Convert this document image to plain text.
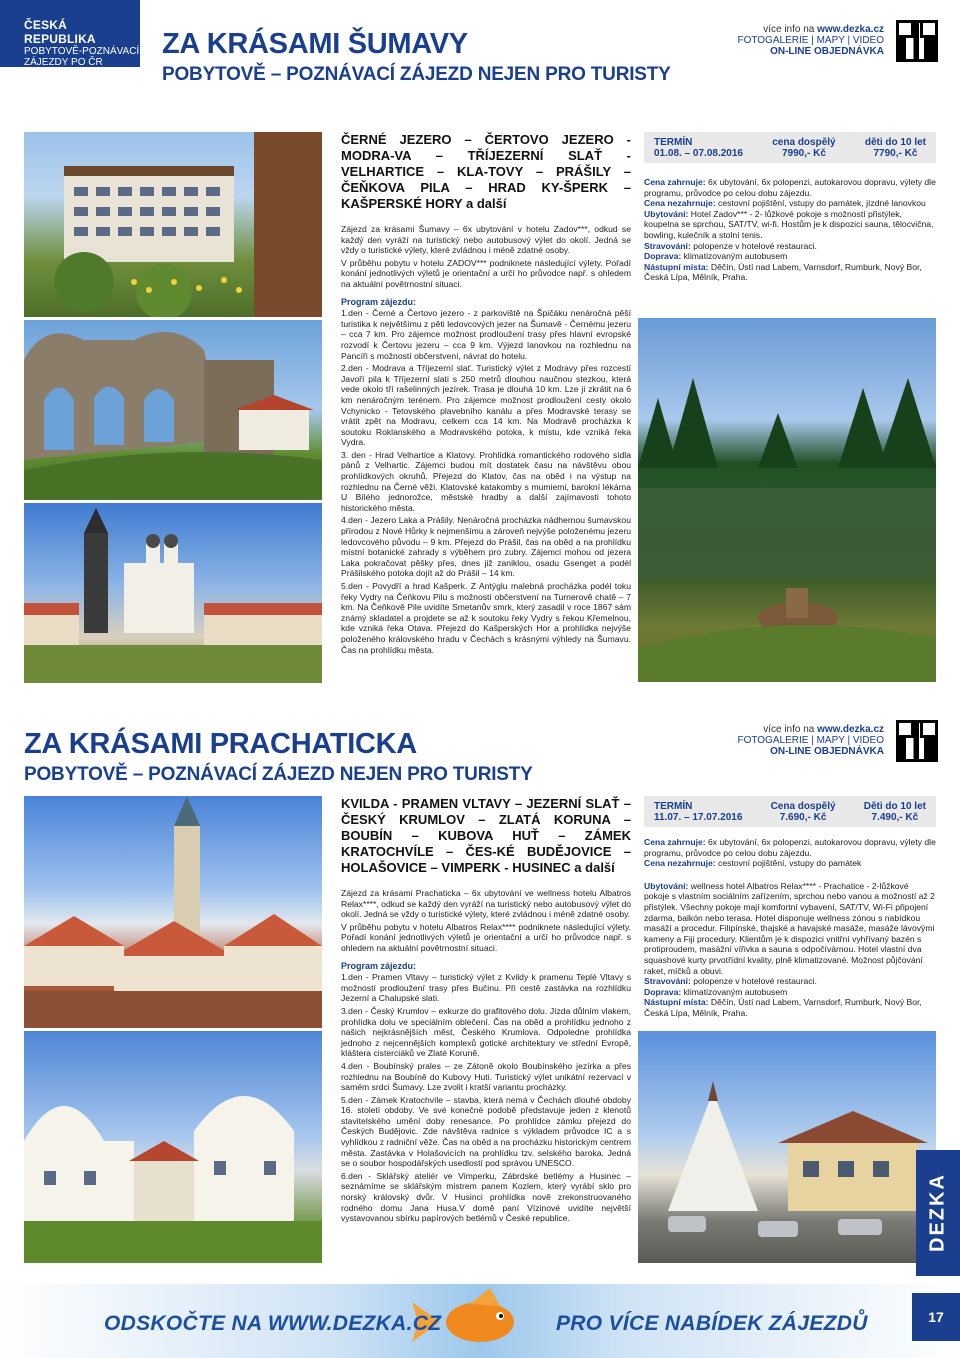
ČESKÁ REPUBLIKA
POBYTOVĚ-POZNÁVACÍ
ZÁJEZDY PO ČR
ZA KRÁSAMI ŠUMAVY
POBYTOVĚ – POZNÁVACÍ ZÁJEZD NEJEN PRO TURISTY
více info na www.dezka.cz
FOTOGALERIE | MAPY | VIDEO
ON-LINE OBJEDNÁVKA
ČERNÉ JEZERO – ČERTOVO JEZERO - MODRA-VA – TŘÍJEZERNÍ SLAŤ - VELHARTICE – KLA-TOVY – PRÁŠILY – ČEŇKOVA PILA – HRAD KY-ŠPERK – KAŠPERSKÉ HORY a další

Zájezd za krásami Šumavy – 6x ubytování v hotelu Zadov***, odkud se každý den vyráží na turistický nebo autobusový výlet do okolí. Jedná se vždy o turistické výlety, které zvládnou i méně zdatné osoby.

V průběhu pobytu v hotelu ZADOV*** podniknete následující výlety. Pořadí konání jednotlivých výletů je orientační a určí ho průvodce např. s ohledem na aktuální povětrnostní situaci.

Program zájezdu:

1.den - Černé a Čertovo jezero - z parkoviště na Špičáku nenáročná pěší turistika k největšímu z pěti ledovcových jezer na Šumavě - Černému jezeru – cca 7 km. Pro zájemce možnost prodloužení trasy přes hlavní evropské rozvodí k Čertovu jezeru – cca 9 km. Výjezd lanovkou na rozhlednu na Pancíři s možností občerstvení, návrat do hotelu.

2.den - Modrava a Tříjezerní slať. Turistický výlet z Modravy přes rozcestí Javoří pila k Tříjezerní slati s 250 metrů dlouhou naučnou stezkou, která vede okolo tří rašelinných jezírek. Trasa je dlouhá 10 km. Lze ji zkrátit na 6 km nenáročným terénem. Pro zájemce možnost prodloužení cesty okolo Vchynicko - Tetovského plavebního kanálu a přes Modravské terasy se vrátit zpět na Modravu, celkem cca 14 km. Na Modravě procházka k soutoku Roklanského a Modravského potoka, k místu, kde vzniká řeka Vydra.

3. den - Hrad Velhartice a Klatovy. Prohlídka romantického rodového sídla pánů z Velhartic. Zájemci budou mít dostatek času na návštěvu obou prohlídkových okruhů. Přejezd do Klatov, čas na oběd i na výstup na rozhlednu na Černé věži. Klatovské katakomby s mumiemi, barokní lékárna U Bílého jednorožce, městské hradby a další zajímavosti tohoto historického města.

4.den - Jezero Laka a Prášily. Nenáročná procházka nádhernou šumavskou přírodou z Nové Hůrky k nejmenšímu a zároveň nejvýše položenému jezeru ledovcového původu – 9 km. Přejezd do Prášil, čas na oběd a na prohlídku místní botanické zahrady s výběhem pro zubry. Zájemci mohou od jezera Laka pokračovat pěšky přes, dnes již zaniklou, osadu Gsenget a podél Prášilského potoka dojít až do Prášil – 14 km.

5.den - Povydří a hrad Kašperk. Z Antýglu malebná procházka podél toku řeky Vydry na Čeňkovu Pilu s možností občerstvení na Turnerově chatě – 7 km. Na Čeňkově Pile uvidíte Smetanův smrk, který zasadil v roce 1867 sám známý skladatel a projdete se až k soutoku řeky Vydry s řekou Křemelnou, kde vzniká řeka Otava. Přejezd do Kašperských Hor a prohlídka nejvýše položeného královského hradu v Čechách s krásnými výhledy na Šumavu. Čas na prohlídku města.

TERMÍN
01.08. – 07.08.2016
cena dospělý
7990,- Kč
děti do 10 let
7790,- Kč
Cena zahrnuje: 6x ubytování, 6x polopenzi, autokarovou dopravu, výlety dle programu, průvodce po celou dobu zájezdu.
Cena nezahrnuje: cestovní pojištění, vstupy do památek, jízdné lanovkou
Ubytování: Hotel Zadov*** - 2- lůžkové pokoje s možností přistýlek, koupelna se sprchou, SAT/TV, wi-fi. Hostům je k dispozici sauna, tělocvična, bowling, kulečník a stolní tenis.
Stravování: polopenze v hotelové restauraci.
Doprava: klimatizovaným autobusem
Nástupní místa: Děčín, Ústí nad Labem, Varnsdorf, Rumburk, Nový Bor, Česká Lípa, Mělník, Praha.
ZA KRÁSAMI PRACHATICKA
POBYTOVĚ – POZNÁVACÍ ZÁJEZD NEJEN PRO TURISTY
více info na www.dezka.cz
FOTOGALERIE | MAPY | VIDEO
ON-LINE OBJEDNÁVKA
KVILDA - PRAMEN VLTAVY – JEZERNÍ SLAŤ – ČESKÝ KRUMLOV – ZLATÁ KORUNA – BOUBÍN – KUBOVA HUŤ – ZÁMEK KRATOCHVÍLE – ČES-KÉ BUDĚJOVICE – HOLAŠOVICE – VIMPERK - HUSINEC a další

Zájezd za krásami Prachaticka – 6x ubytování ve wellness hotelu Albatros Relax****, odkud se každý den vyráží na turistický nebo autobusový výlet do okolí. Jedná se vždy o turistické výlety, které zvládnou i méně zdatné osoby.

V průběhu pobytu v hotelu Albatros Relax**** podniknete následující výlety. Pořadí konání jednotlivých výletů je orientační a určí ho průvodce např. s ohledem na aktuální povětrnostní situaci.

Program zájezdu:

1.den - Pramen Vltavy – turistický výlet z Kvildy k pramenu Teplé Vltavy s možností prodloužení trasy přes Bučinu. Při cestě zastávka na rozhlídku Jezerní a Chalupské slati.

3.den - Český Krumlov – exkurze do grafitového dolu. Jízda důlním vlakem, prohlídka dolu ve speciálním oblečení. Čas na oběd a prohlídku jednoho z našich nejkrásnějších měst, Českého Krumlova. Odpoledne prohlídka jednoho z nejcennějších komplexů gotické architektury ve střední Evropě, kláštera cisterciáků ve Zlaté Koruně.

4.den - Boubínský prales – ze Zátoně okolo Boubínského jezírka a přes rozhlednu na Boubíně do Kubovy Huti. Turistický výlet unikátní rezervací v samém srdci Šumavy. Lze zvolit i kratší variantu procházky.

5.den - Zámek Kratochvíle – stavba, která nemá v Čechách dlouhé obdoby 16. století obdoby. Ve své konečné podobě představuje jeden z klenotů stavitelského umění doby renesance. Po prohlídce zámku přejezd do Českých Budějovic. Zde návštěva radnice s výkladem průvodce IC a s vyhlídkou z radniční věže. Čas na oběd a na procházku historickým centrem města. Zastávka v Holašovicích na prohlídku tzv. selského baroka. Jedná se o soubor hospodářských usedlostí pod správou UNESCO.

6.den - Sklářský ateliér ve Vimperku, Zábrdské betlémy a Husinec – seznámíme se sklářským mistrem panem Kozlem, který vyrábí sklo pro norský královský dvůr. V Husinci prohlídka nově zrekonstruovaného rodného domu Jana Husa.V domě paní Vízinové uvidíte největší vystavovanou sbírku papírových betlémů v České republice.

TERMÍN
11.07. – 17.07.2016
Cena dospělý
7.690,- Kč
Děti do 10 let
7.490,- Kč
Cena zahrnuje: 6x ubytování, 6x polopenzi, autokarovou dopravu, výlety dle programu, průvodce po celou dobu zájezdu.
Cena nezahrnuje: cestovní pojištění, vstupy do památek
Ubytování: wellness hotel Albatros Relax**** - Prachatice - 2-lůžkové pokoje s vlastním sociálním zařízením, sprchou nebo vanou a možností až 2 přistýlek. Všechny pokoje mají komfortní vybavení, SAT/TV, Wi-Fi připojení zdarma, balkón nebo terasa. Hotel disponuje wellness zónou s nabídkou masáží a procedur. Filipínské, thajské a havajské masáže, masáže lávovými kameny a Fiji procedury. Klientům je k dispozici vnitřní vyhřívaný bazén s protiproudem, masážní vířivka a sauna s odpočívárnou. Hotel vlastní dva squashové kurty prvotřídní kvality, plně klimatizované. Možnost půjčování raket, míčků a obuvi.
Stravování: polopenze v hotelové restauraci.
Doprava: klimatizovaným autobusem
Nástupní místa: Děčín, Ústí nad Labem, Varnsdorf, Rumburk, Nový Bor, Česká Lípa, Mělník, Praha.
DEZKA
ODSKOČTE NA WWW.DEZKA.CZ	PRO VÍCE NABÍDEK ZÁJEZDŮ	17
